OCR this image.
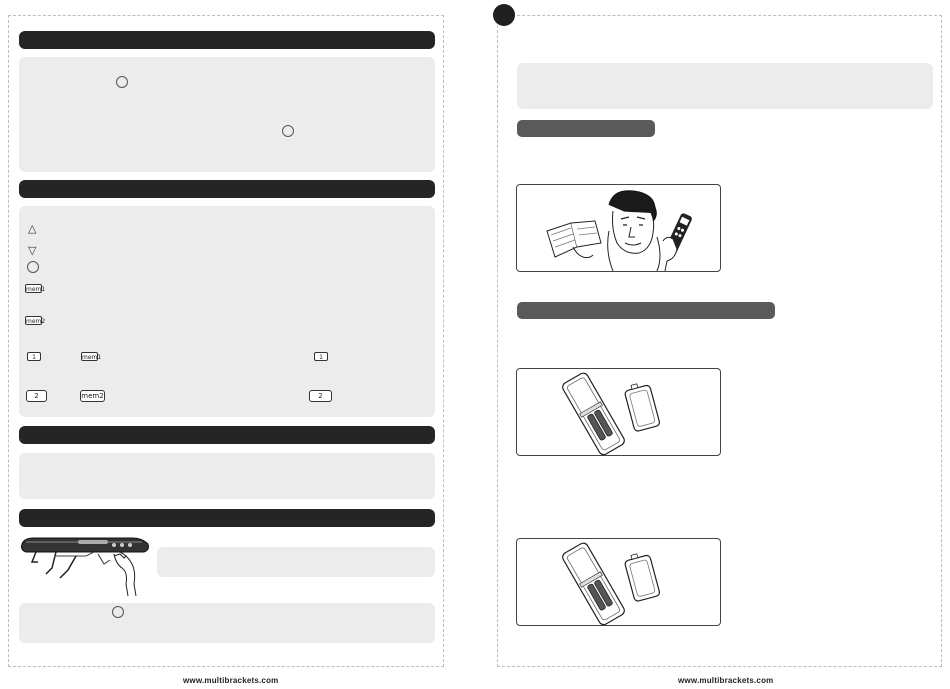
△
▽
mem1
mem2
1	mem1	1
2	mem2	2
www.multibrackets.com	www.multibrackets.com
